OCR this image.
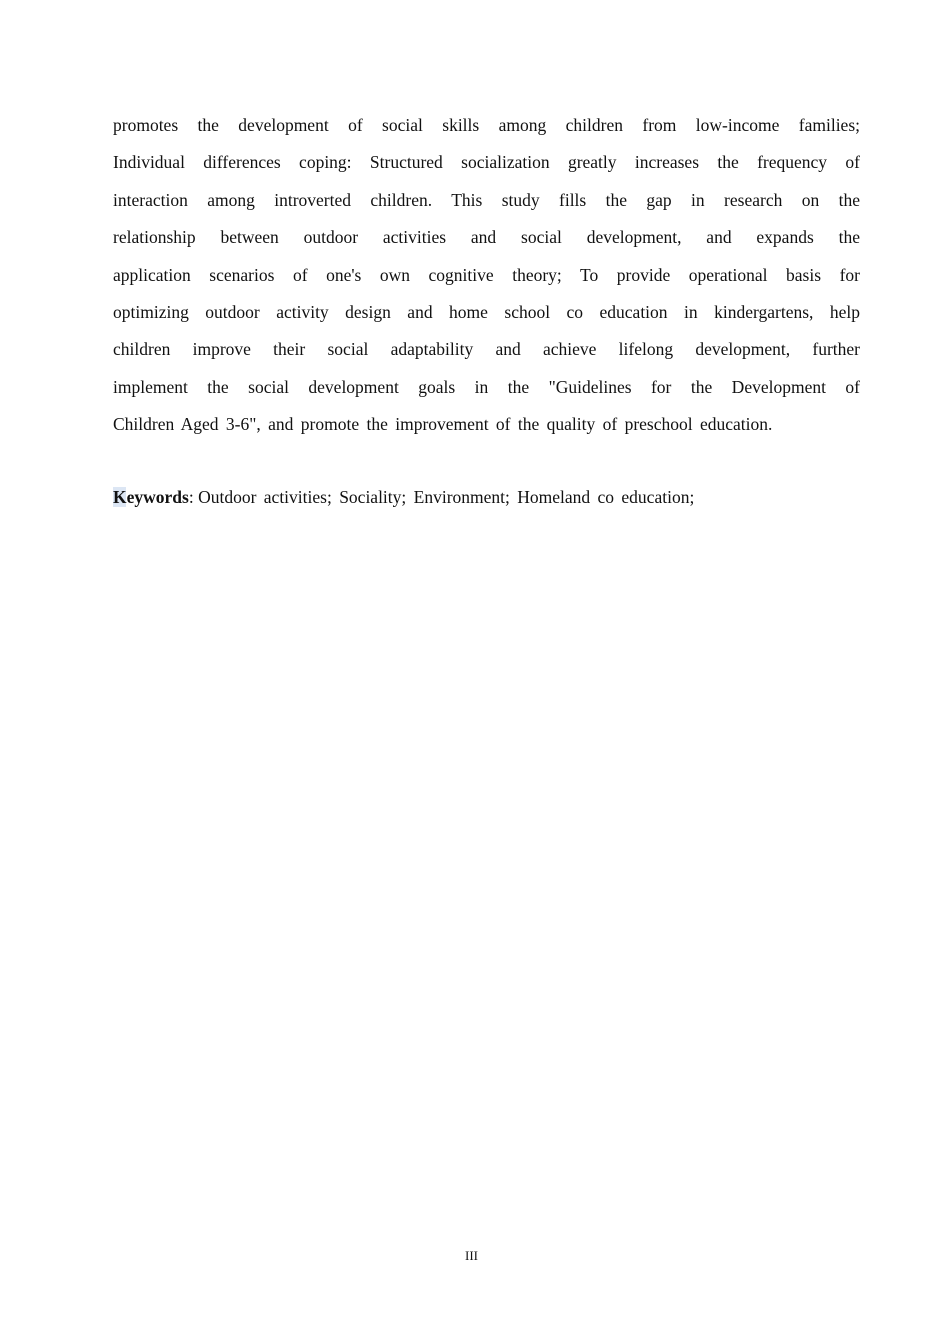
promotes the development of social skills among children from low-income families;
Individual differences coping: Structured socialization greatly increases the frequency of
interaction among introverted children. This study fills the gap in research on the
relationship between outdoor activities and social development, and expands the
application scenarios of one's own cognitive theory; To provide operational basis for
optimizing outdoor activity design and home school co education in kindergartens, help
children improve their social adaptability and achieve lifelong development, further
implement the social development goals in the "Guidelines for the Development of
Children Aged 3-6", and promote the improvement of the quality of preschool education.
Keywords: Outdoor activities; Sociality; Environment; Homeland co education;
III
